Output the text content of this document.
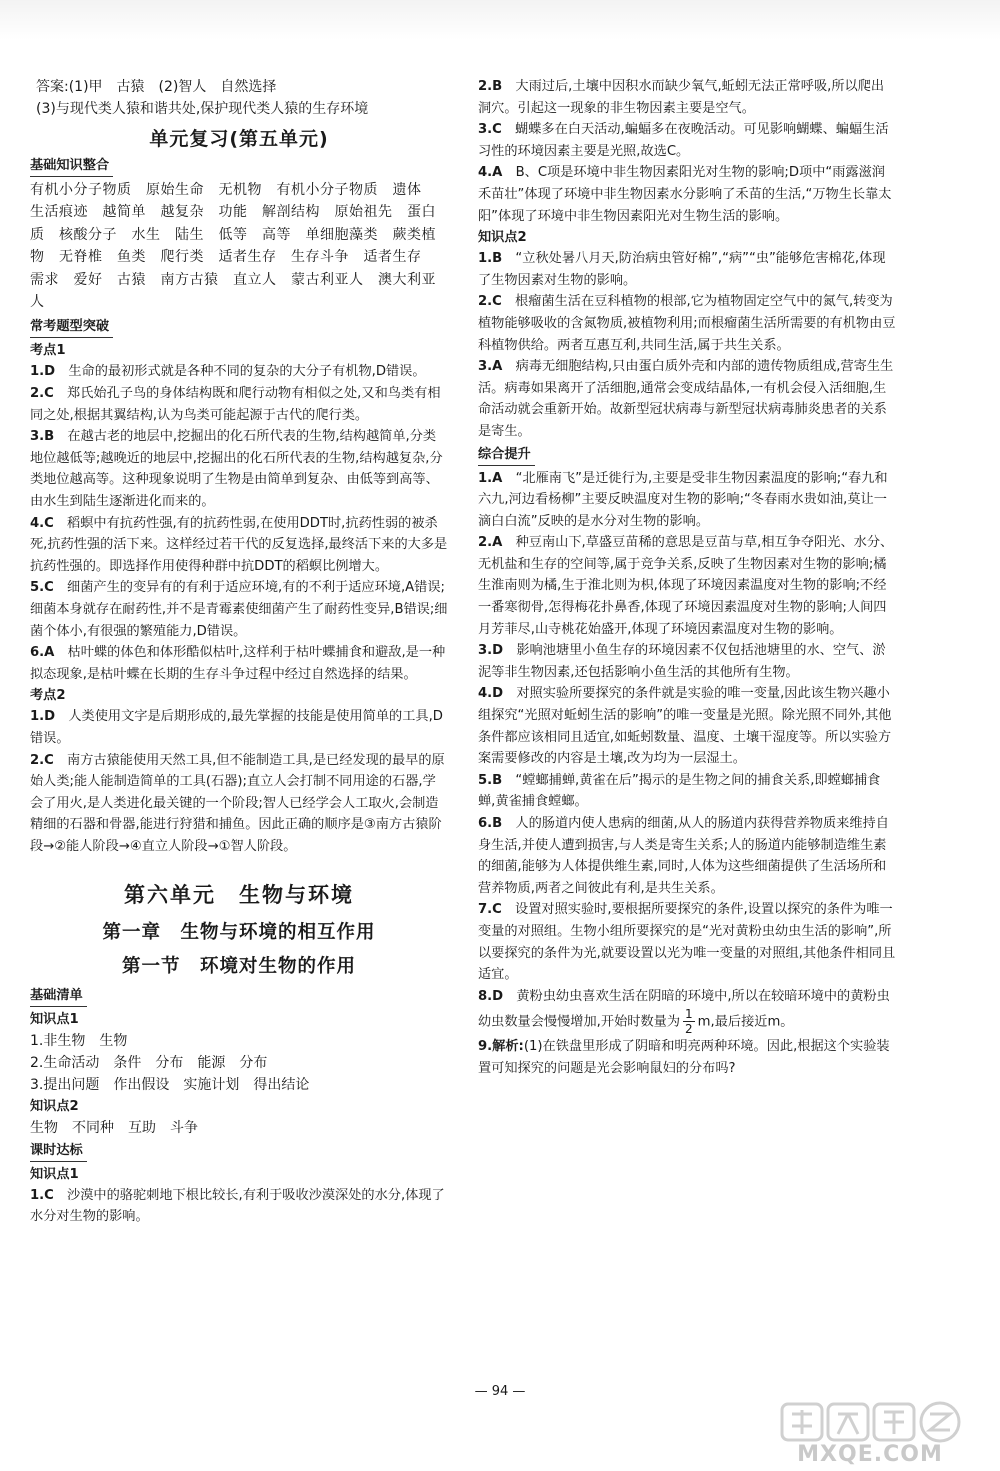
答案:(1)甲　古猿　(2)智人　自然选择

(3)与现代类人猿和谐共处,保护现代类人猿的生存环境

单元复习(第五单元)
基础知识整合

有机小分子物质　原始生命　无机物　有机小分子物质　遗体　生活痕迹　越简单　越复杂　功能　解剖结构　原始祖先　蛋白质　核酸分子　水生　陆生　低等　高等　单细胞藻类　蕨类植物　无脊椎　鱼类　爬行类　适者生存　生存斗争　适者生存　需求　爱好　古猿　南方古猿　直立人　蒙古利亚人　澳大利亚人

常考题型突破

考点1

1.D　生命的最初形式就是各种不同的复杂的大分子有机物,D错误。

2.C　郑氏始孔子鸟的身体结构既和爬行动物有相似之处,又和鸟类有相同之处,根据其翼结构,认为鸟类可能起源于古代的爬行类。

3.B　在越古老的地层中,挖掘出的化石所代表的生物,结构越简单,分类地位越低等;越晚近的地层中,挖掘出的化石所代表的生物,结构越复杂,分类地位越高等。这种现象说明了生物是由简单到复杂、由低等到高等、由水生到陆生逐渐进化而来的。

4.C　稻螟中有抗药性强,有的抗药性弱,在使用DDT时,抗药性弱的被杀死,抗药性强的活下来。这样经过若干代的反复选择,最终活下来的大多是抗药性强的。即选择作用使得种群中抗DDT的稻螟比例增大。

5.C　细菌产生的变异有的有利于适应环境,有的不利于适应环境,A错误;细菌本身就存在耐药性,并不是青霉素使细菌产生了耐药性变异,B错误;细菌个体小,有很强的繁殖能力,D错误。

6.A　枯叶蝶的体色和体形酷似枯叶,这样利于枯叶蝶捕食和避敌,是一种拟态现象,是枯叶蝶在长期的生存斗争过程中经过自然选择的结果。

考点2

1.D　人类使用文字是后期形成的,最先掌握的技能是使用简单的工具,D错误。

2.C　南方古猿能使用天然工具,但不能制造工具,是已经发现的最早的原始人类;能人能制造简单的工具(石器);直立人会打制不同用途的石器,学会了用火,是人类进化最关键的一个阶段;智人已经学会人工取火,会制造精细的石器和骨器,能进行狩猎和捕鱼。因此正确的顺序是③南方古猿阶段→②能人阶段→④直立人阶段→①智人阶段。

第六单元　生物与环境
第一章　生物与环境的相互作用
第一节　环境对生物的作用
基础清单

知识点1

1.非生物　生物

2.生命活动　条件　分布　能源　分布

3.提出问题　作出假设　实施计划　得出结论

知识点2

生物　不同种　互助　斗争

课时达标

知识点1

1.C　沙漠中的骆驼刺地下根比较长,有利于吸收沙漠深处的水分,体现了水分对生物的影响。

2.B　大雨过后,土壤中因积水而缺少氧气,蚯蚓无法正常呼吸,所以爬出洞穴。引起这一现象的非生物因素主要是空气。

3.C　蝴蝶多在白天活动,蝙蝠多在夜晚活动。可见影响蝴蝶、蝙蝠生活习性的环境因素主要是光照,故选C。

4.A　B、C项是环境中非生物因素阳光对生物的影响;D项中“雨露滋润禾苗壮”体现了环境中非生物因素水分影响了禾苗的生活,“万物生长靠太阳”体现了环境中非生物因素阳光对生物生活的影响。

知识点2

1.B　“立秋处暑八月天,防治病虫管好棉”,“病”“虫”能够危害棉花,体现了生物因素对生物的影响。

2.C　根瘤菌生活在豆科植物的根部,它为植物固定空气中的氮气,转变为植物能够吸收的含氮物质,被植物利用;而根瘤菌生活所需要的有机物由豆科植物供给。两者互惠互利,共同生活,属于共生关系。

3.A　病毒无细胞结构,只由蛋白质外壳和内部的遗传物质组成,营寄生生活。病毒如果离开了活细胞,通常会变成结晶体,一有机会侵入活细胞,生命活动就会重新开始。故新型冠状病毒与新型冠状病毒肺炎患者的关系是寄生。

综合提升

1.A　“北雁南飞”是迁徙行为,主要是受非生物因素温度的影响;“春九和六九,河边看杨柳”主要反映温度对生物的影响;“冬春雨水贵如油,莫让一滴白白流”反映的是水分对生物的影响。

2.A　种豆南山下,草盛豆苗稀的意思是豆苗与草,相互争夺阳光、水分、无机盐和生存的空间等,属于竞争关系,反映了生物因素对生物的影响;橘生淮南则为橘,生于淮北则为枳,体现了环境因素温度对生物的影响;不经一番寒彻骨,怎得梅花扑鼻香,体现了环境因素温度对生物的影响;人间四月芳菲尽,山寺桃花始盛开,体现了环境因素温度对生物的影响。

3.D　影响池塘里小鱼生存的环境因素不仅包括池塘里的水、空气、淤泥等非生物因素,还包括影响小鱼生活的其他所有生物。

4.D　对照实验所要探究的条件就是实验的唯一变量,因此该生物兴趣小组探究“光照对蚯蚓生活的影响”的唯一变量是光照。除光照不同外,其他条件都应该相同且适宜,如蚯蚓数量、温度、土壤干湿度等。所以实验方案需要修改的内容是土壤,改为均为一层湿土。

5.B　“螳螂捕蝉,黄雀在后”揭示的是生物之间的捕食关系,即螳螂捕食蝉,黄雀捕食螳螂。

6.B　人的肠道内使人患病的细菌,从人的肠道内获得营养物质来维持自身生活,并使人遭到损害,与人类是寄生关系;人的肠道内能够制造维生素的细菌,能够为人体提供维生素,同时,人体为这些细菌提供了生活场所和营养物质,两者之间彼此有利,是共生关系。

7.C　设置对照实验时,要根据所要探究的条件,设置以探究的条件为唯一变量的对照组。生物小组所要探究的是“光对黄粉虫幼虫生活的影响”,所以要探究的条件为光,就要设置以光为唯一变量的对照组,其他条件相同且适宜。

8.D　黄粉虫幼虫喜欢生活在阴暗的环境中,所以在较暗环境中的黄粉虫幼虫数量会慢慢增加,开始时数量为 $\frac{1}{2} m$,最后接近m。

9.解析:(1)在铁盘里形成了阴暗和明亮两种环境。因此,根据这个实验装置可知探究的问题是光会影响鼠妇的分布吗?

— 94 —
MXQE.COM
